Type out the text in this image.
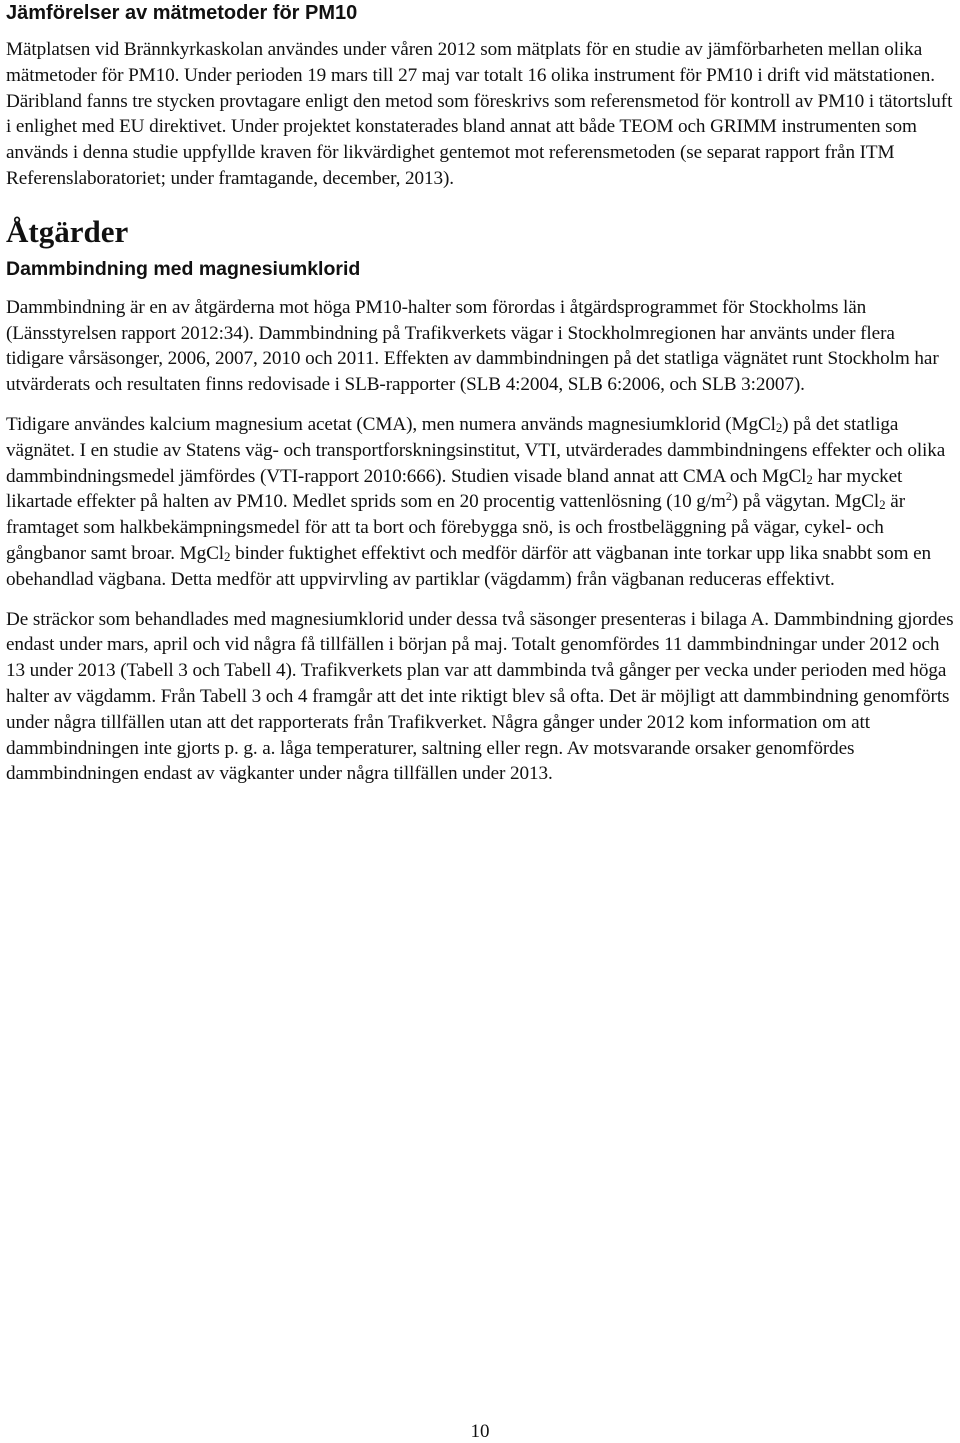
Jämförelser av mätmetoder för PM10

Mätplatsen vid Brännkyrkaskolan användes under våren 2012 som mätplats för en studie av jämförbarheten mellan olika mätmetoder för PM10. Under perioden 19 mars till 27 maj var totalt 16 olika instrument för PM10 i drift vid mätstationen. Däribland fanns tre stycken provtagare enligt den metod som föreskrivs som referensmetod för kontroll av PM10 i tätortsluft i enlighet med EU direktivet. Under projektet konstaterades bland annat att både TEOM och GRIMM instrumenten som används i denna studie uppfyllde kraven för likvärdighet gentemot mot referensmetoden (se separat rapport från ITM Referenslaboratoriet; under framtagande, december, 2013).

Åtgärder
Dammbindning med magnesiumklorid

Dammbindning är en av åtgärderna mot höga PM10-halter som förordas i åtgärdsprogrammet för Stockholms län (Länsstyrelsen rapport 2012:34). Dammbindning på Trafikverkets vägar i Stockholmregionen har använts under flera tidigare vårsäsonger, 2006, 2007, 2010 och 2011. Effekten av dammbindningen på det statliga vägnätet runt Stockholm har utvärderats och resultaten finns redovisade i SLB-rapporter (SLB 4:2004, SLB 6:2006, och SLB 3:2007).

Tidigare användes kalcium magnesium acetat (CMA), men numera används magnesiumklorid (MgCl2) på det statliga vägnätet. I en studie av Statens väg- och transportforskningsinstitut, VTI, utvärderades dammbindningens effekter och olika dammbindningsmedel jämfördes (VTI-rapport 2010:666). Studien visade bland annat att CMA och MgCl2 har mycket likartade effekter på halten av PM10. Medlet sprids som en 20 procentig vattenlösning (10 $g/m^2$) på vägytan. MgCl2 är framtaget som halkbekämpningsmedel för att ta bort och förebygga snö, is och frostbeläggning på vägar, cykel- och gångbanor samt broar. MgCl2 binder fuktighet effektivt och medför därför att vägbanan inte torkar upp lika snabbt som en obehandlad vägbana. Detta medför att uppvirvling av partiklar (vägdamm) från vägbanan reduceras effektivt.

De sträckor som behandlades med magnesiumklorid under dessa två säsonger presenteras i bilaga A. Dammbindning gjordes endast under mars, april och vid några få tillfällen i början på maj. Totalt genomfördes 11 dammbindningar under 2012 och 13 under 2013 (Tabell 3 och Tabell 4). Trafikverkets plan var att dammbinda två gånger per vecka under perioden med höga halter av vägdamm. Från Tabell 3 och 4 framgår att det inte riktigt blev så ofta. Det är möjligt att dammbindning genomförts under några tillfällen utan att det rapporterats från Trafikverket. Några gånger under 2012 kom information om att dammbindningen inte gjorts p. g. a. låga temperaturer, saltning eller regn. Av motsvarande orsaker genomfördes dammbindningen endast av vägkanter under några tillfällen under 2013.

10
